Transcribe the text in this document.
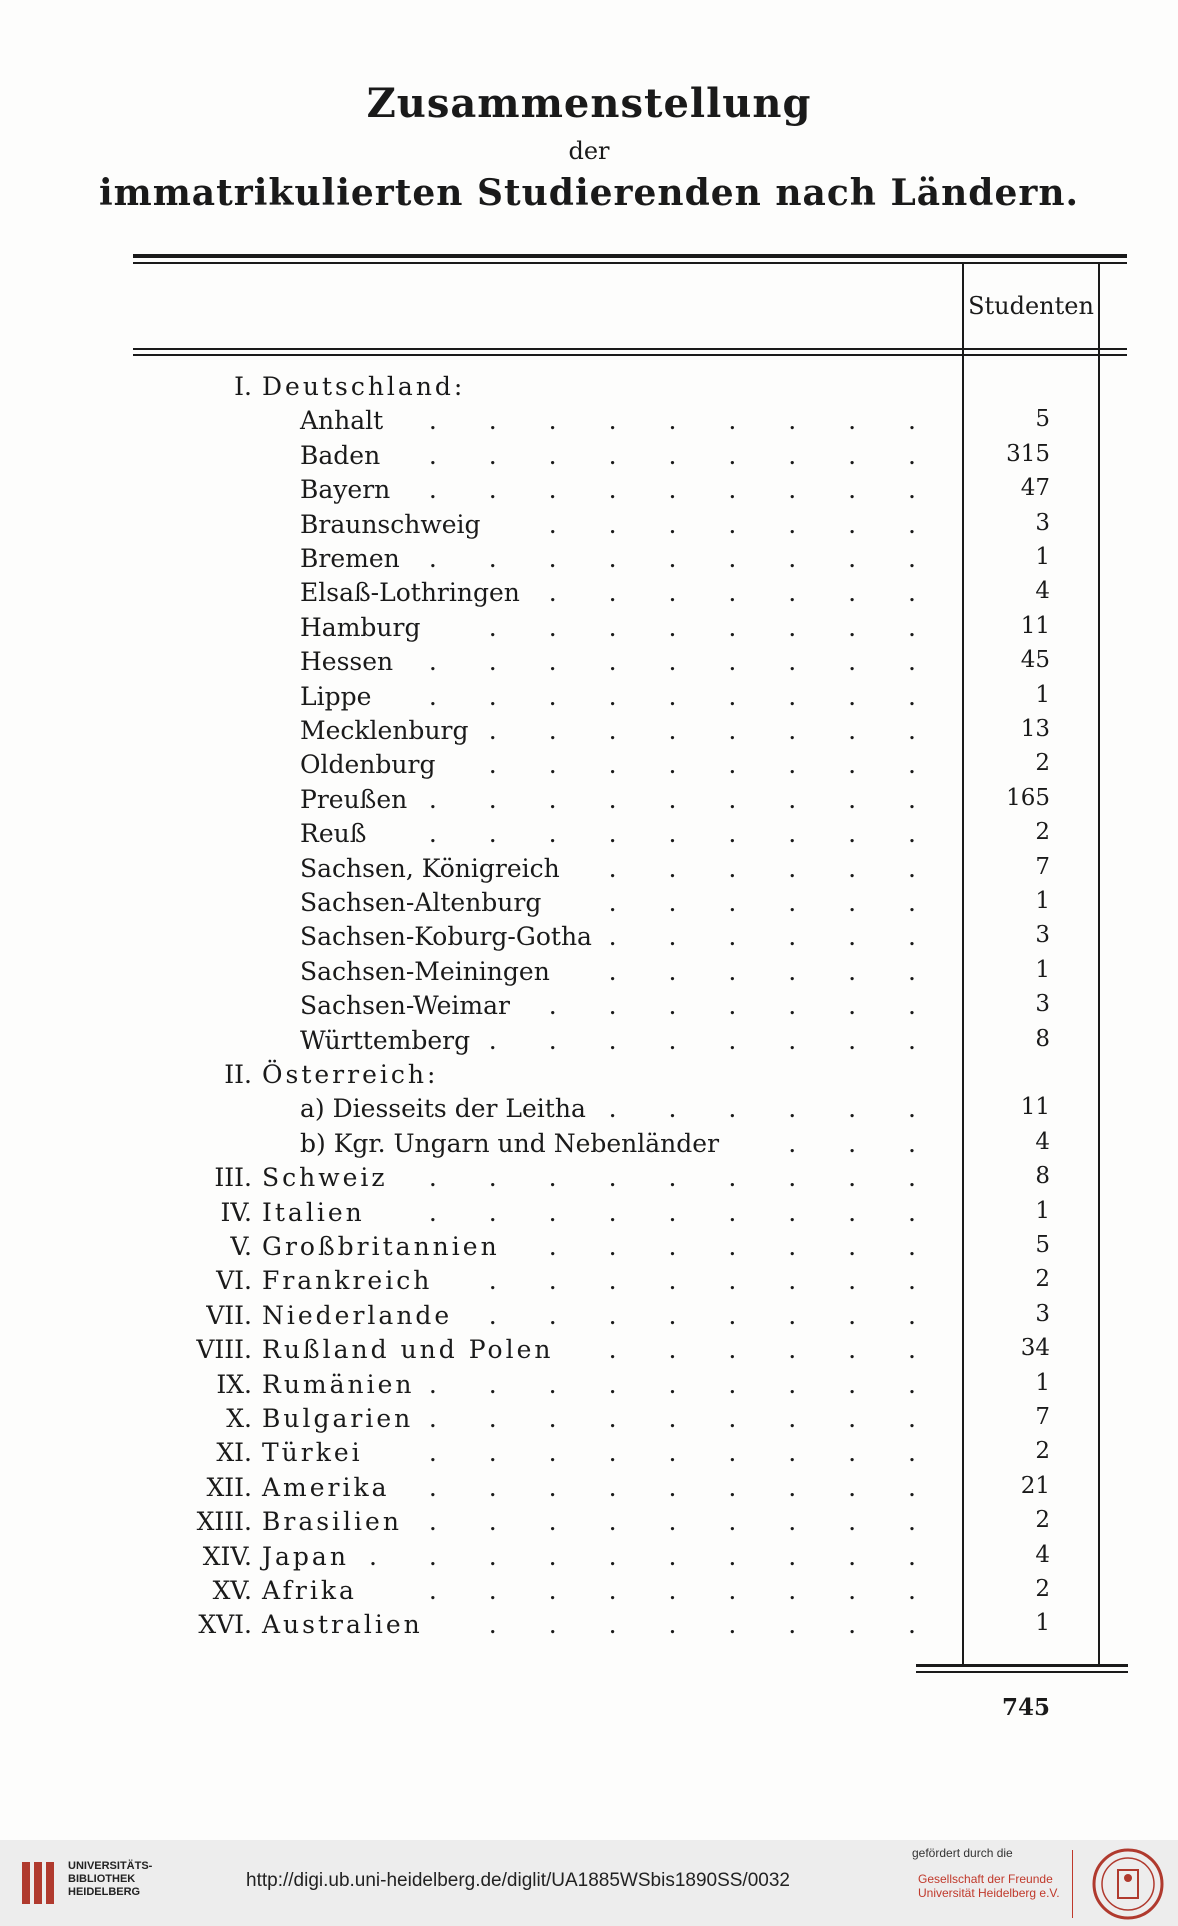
Zusammenstellung
der
immatrikulierten Studierenden nach Ländern.
Studenten
I. Deutschland:
Anhalt . . . . . . . . .	5
Baden . . . . . . . . .	315
Bayern . . . . . . . . .	47
Braunschweig	. . . . . . .	3
Bremen . . . . . . . . .	1
Elsaß-Lothringen . . . . . . .	4
Hamburg	. . . . . . . .	11
Hessen . . . . . . . . .	45
Lippe . . . . . . . . .	1
Mecklenburg . . . . . . . .	13
Oldenburg . . . . . . . .	2
Preußen . . . . . . . . .	165
Reuß . . . . . . . . .	2
Sachsen, Königreich . . . . . .	7
Sachsen-Altenburg	. . . . . .	1
Sachsen-Koburg-Gotha . . . . . .	3
Sachsen-Meiningen . . . . . .	1
Sachsen-Weimar . . . . . . .	3
Württemberg . . . . . . . .	8
II. Österreich:
a) Diesseits der Leitha . . . . . .	11
b) Kgr. Ungarn und Nebenländer	. . .	4
III. Schweiz . . . . . . . . .	8
IV. Italien	. . . . . . . . .	1
V. Großbritannien . . . . . . .	5
VI. Frankreich . . . . . . . .	2
VII. Niederlande . . . . . . . .	3
VIII. Rußland und Polen . . . . . .	34
IX. Rumänien . . . . . . . . .	1
X. Bulgarien . . . . . . . . .	7
XI. Türkei	. . . . . . . . .	2
XII. Amerika . . . . . . . . .	21
XIII. Brasilien . . . . . . . . .	2
XIV. Japan . . . . . . . . . .	4
XV. Afrika	. . . . . . . . .	2
XVI. Australien	. . . . . . . .	1
745
UNIVERSITÄTS-
BIBLIOTHEK
HEIDELBERG
http://digi.ub.uni-heidelberg.de/diglit/UA1885WSbis1890SS/0032
gefördert durch die
Gesellschaft der Freunde
Universität Heidelberg e.V.
